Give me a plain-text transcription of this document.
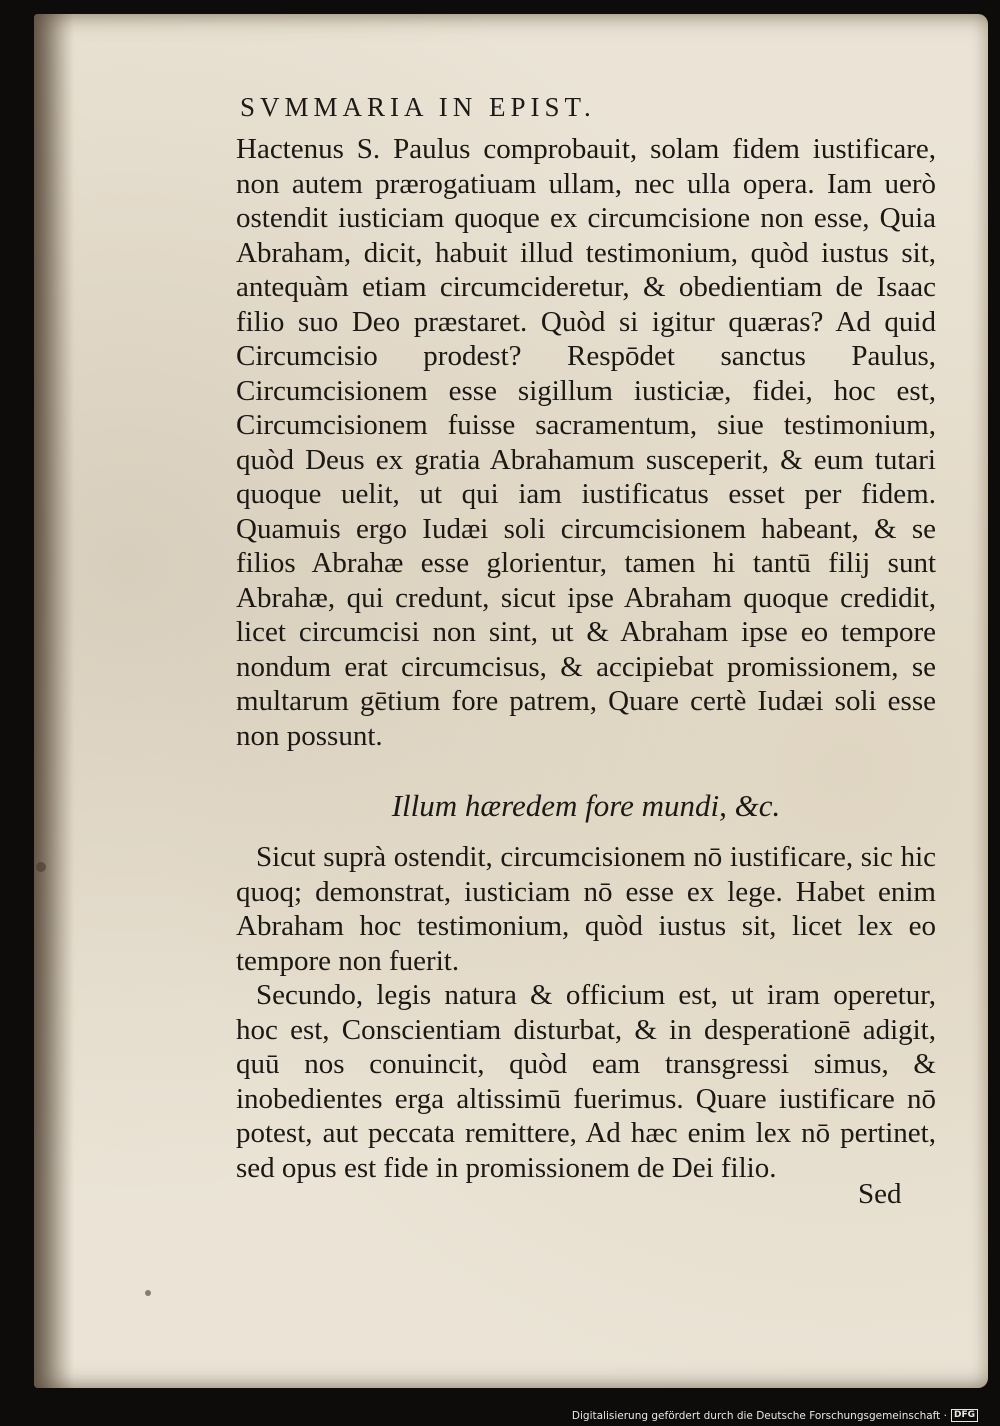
SVMMARIA IN EPIST.

Hactenus S. Paulus comprobauit, solam fidem iustificare, non autem prærogatiuam ullam, nec ulla opera. Iam uerò ostendit iusticiam quoque ex circumcisione non esse, Quia Abraham, dicit, habuit illud testimonium, quòd iustus sit, antequàm etiam circumcideretur, & obedientiam de Isaac filio suo Deo præstaret. Quòd si igitur quæras? Ad quid Circumcisio prodest? Respōdet sanctus Paulus, Circumcisionem esse sigillum iusticiæ, fidei, hoc est, Circumcisionem fuisse sacramentum, siue testimonium, quòd Deus ex gratia Abrahamum susceperit, & eum tutari quoque uelit, ut qui iam iustificatus esset per fidem. Quamuis ergo Iudæi soli circumcisionem habeant, & se filios Abrahæ esse glorientur, tamen hi tantū filij sunt Abrahæ, qui credunt, sicut ipse Abraham quoque credidit, licet circumcisi non sint, ut & Abraham ipse eo tempore nondum erat circumcisus, & accipiebat promissionem, se multarum gētium fore patrem, Quare certè Iudæi soli esse non possunt.

Illum hæredem fore mundi, &c.

Sicut suprà ostendit, circumcisionem nō iustificare, sic hic quoq; demonstrat, iusticiam nō esse ex lege. Habet enim Abraham hoc testimonium, quòd iustus sit, licet lex eo tempore non fuerit.

Secundo, legis natura & officium est, ut iram operetur, hoc est, Conscientiam disturbat, & in desperationē adigit, quū nos conuincit, quòd eam transgressi simus, & inobedientes erga altissimū fuerimus. Quare iustificare nō potest, aut peccata remittere, Ad hæc enim lex nō pertinet, sed opus est fide in promissionem de Dei filio.

Sed
Digitalisierung gefördert durch die Deutsche Forschungsgemeinschaft · DFG
